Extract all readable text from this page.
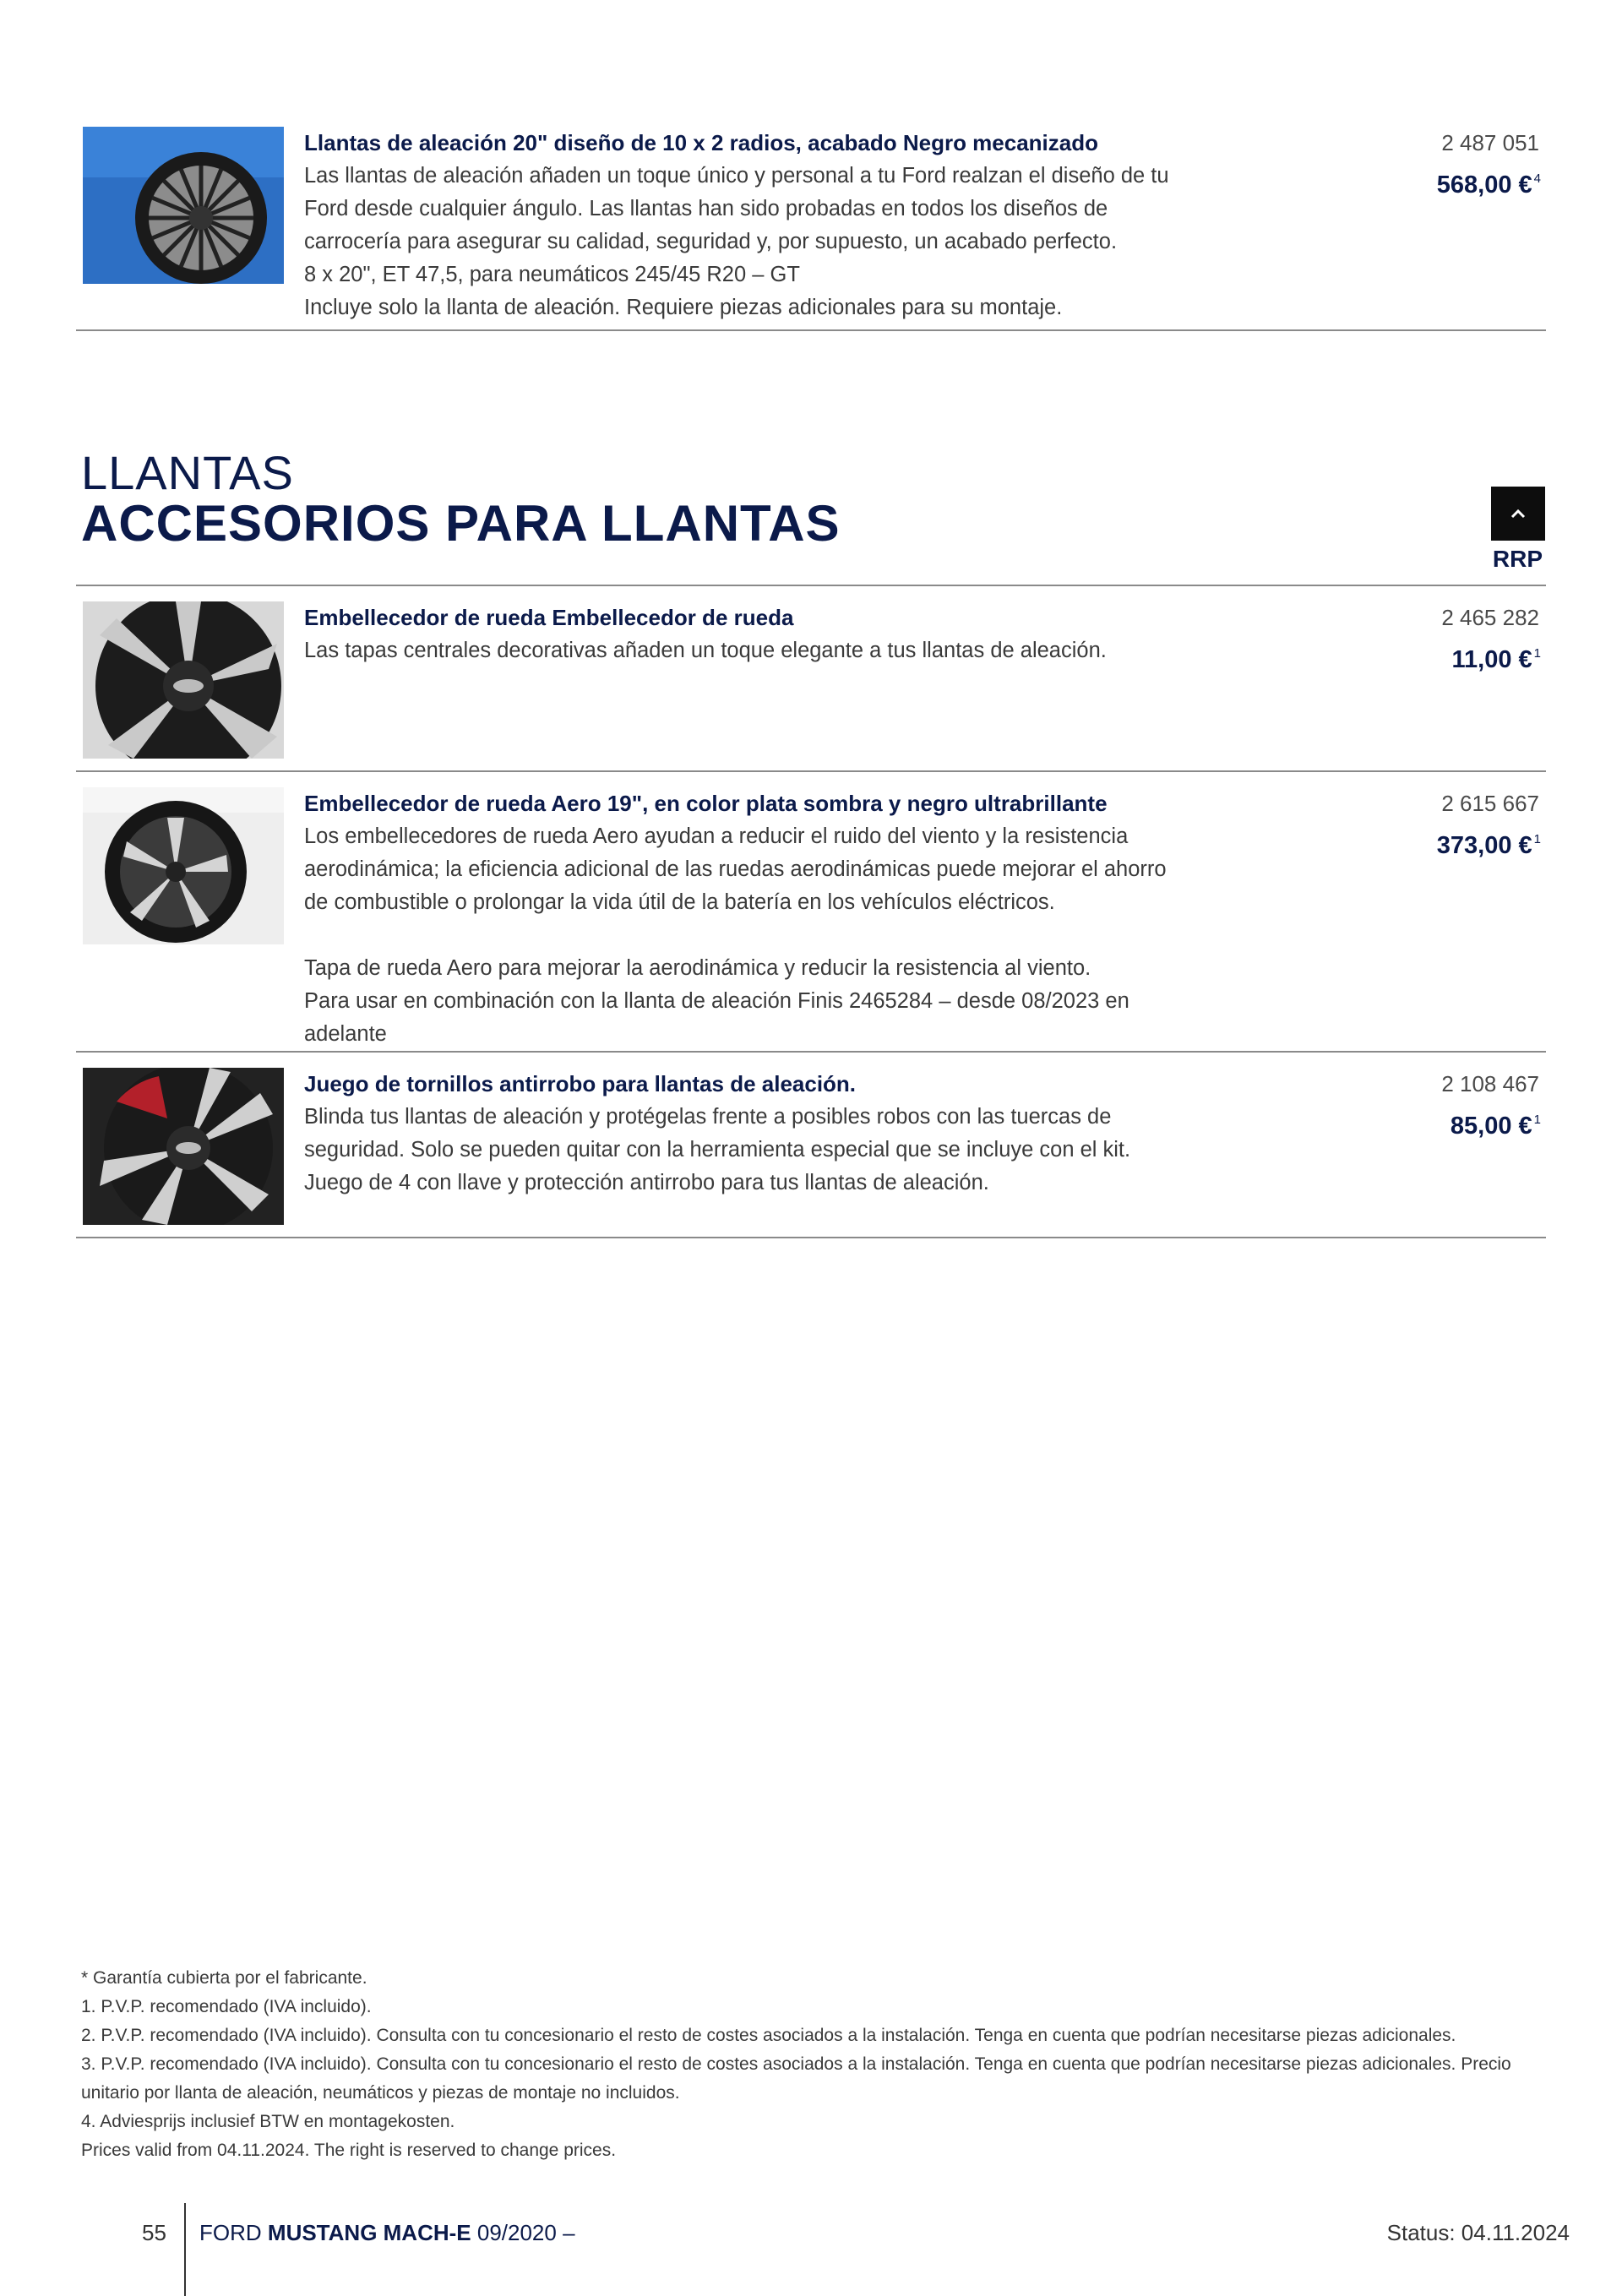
Llantas de aleación 20" diseño de 10 x 2 radios, acabado Negro mecanizado

Las llantas de aleación añaden un toque único y personal a tu Ford realzan el diseño de tu

Ford desde cualquier ángulo. Las llantas han sido probadas en todos los diseños de

carrocería para asegurar su calidad, seguridad y, por supuesto, un acabado perfecto.

8 x 20", ET 47,5, para neumáticos 245/45 R20 – GT

Incluye solo la llanta de aleación. Requiere piezas adicionales para su montaje.

2 487 051
568,00 € $^4$
LLANTAS
ACCESORIOS PARA LLANTAS
RRP
Embellecedor de rueda Embellecedor de rueda

Las tapas centrales decorativas añaden un toque elegante a tus llantas de aleación.

2 465 282
11,00 € $^1$
Embellecedor de rueda Aero 19", en color plata sombra y negro ultrabrillante

Los embellecedores de rueda Aero ayudan a reducir el ruido del viento y la resistencia

aerodinámica; la eficiencia adicional de las ruedas aerodinámicas puede mejorar el ahorro

de combustible o prolongar la vida útil de la batería en los vehículos eléctricos.

Tapa de rueda Aero para mejorar la aerodinámica y reducir la resistencia al viento.

Para usar en combinación con la llanta de aleación Finis 2465284 – desde 08/2023 en

adelante

2 615 667
373,00 € $^1$
Juego de tornillos antirrobo para llantas de aleación.

Blinda tus llantas de aleación y protégelas frente a posibles robos con las tuercas de

seguridad. Solo se pueden quitar con la herramienta especial que se incluye con el kit.

Juego de 4 con llave y protección antirrobo para tus llantas de aleación.

2 108 467
85,00 € $^1$

* Garantía cubierta por el fabricante.

1. P.V.P. recomendado (IVA incluido).

2. P.V.P. recomendado (IVA incluido). Consulta con tu concesionario el resto de costes asociados a la instalación. Tenga en cuenta que podrían necesitarse piezas adicionales.

3. P.V.P. recomendado (IVA incluido). Consulta con tu concesionario el resto de costes asociados a la instalación. Tenga en cuenta que podrían necesitarse piezas adicionales. Precio unitario por llanta de aleación, neumáticos y piezas de montaje no incluidos.

4. Adviesprijs inclusief BTW en montagekosten.

Prices valid from 04.11.2024. The right is reserved to change prices.

55 FORD MUSTANG MACH-E 09/2020 –	Status: 04.11.2024
